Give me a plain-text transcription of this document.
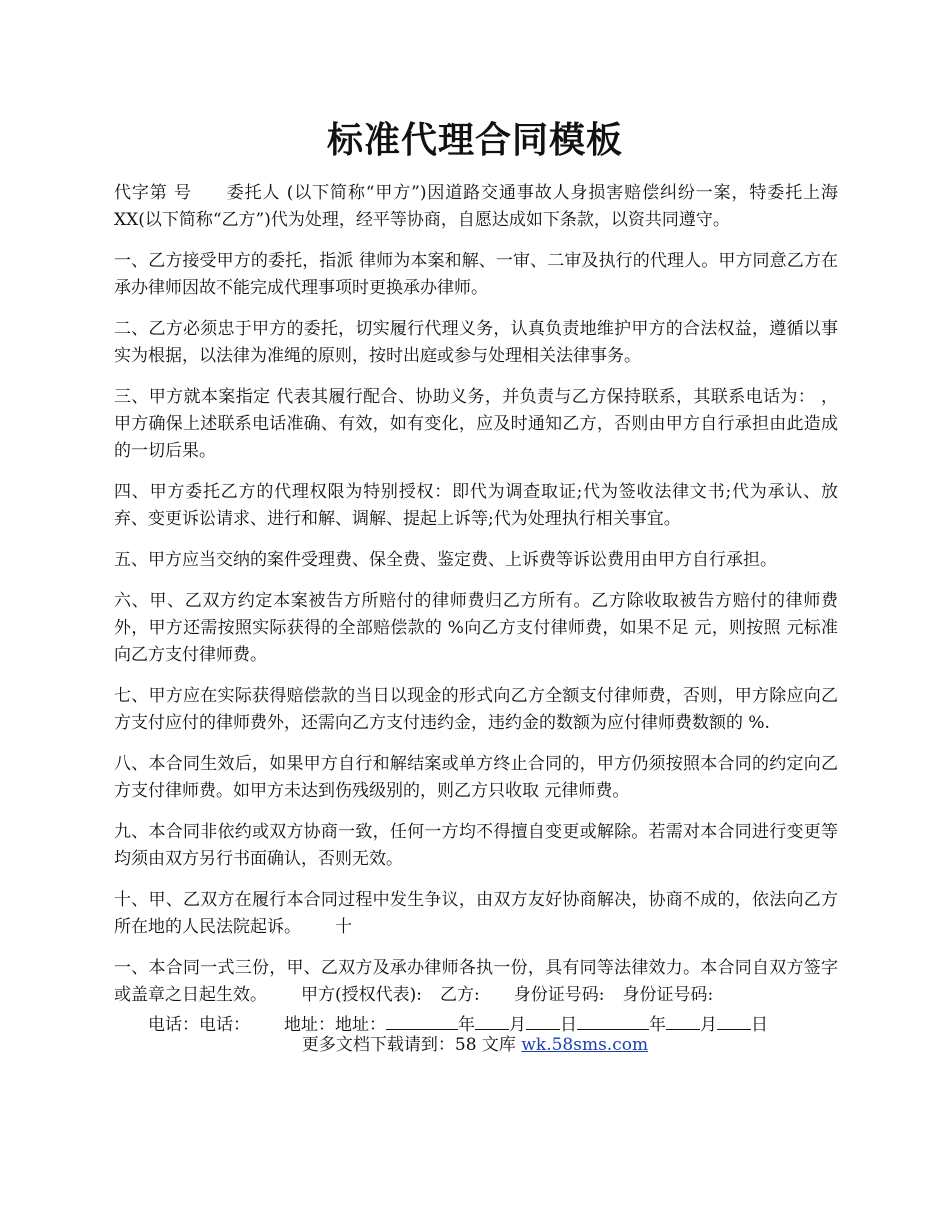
标准代理合同模板

代字第 号 委托人 (以下简称“甲方”)因道路交通事故人身损害赔偿纠纷一案，特委托上海 XX(以下简称“乙方”)代为处理，经平等协商，自愿达成如下条款，以资共同遵守。

一、乙方接受甲方的委托，指派 律师为本案和解、一审、二审及执行的代理人。甲方同意乙方在承办律师因故不能完成代理事项时更换承办律师。

二、乙方必须忠于甲方的委托，切实履行代理义务，认真负责地维护甲方的合法权益，遵循以事实为根据，以法律为准绳的原则，按时出庭或参与处理相关法律事务。

三、甲方就本案指定 代表其履行配合、协助义务，并负责与乙方保持联系，其联系电话为： ，甲方确保上述联系电话准确、有效，如有变化，应及时通知乙方，否则由甲方自行承担由此造成的一切后果。

四、甲方委托乙方的代理权限为特别授权：即代为调查取证;代为签收法律文书;代为承认、放弃、变更诉讼请求、进行和解、调解、提起上诉等;代为处理执行相关事宜。

五、甲方应当交纳的案件受理费、保全费、鉴定费、上诉费等诉讼费用由甲方自行承担。

六、甲、乙双方约定本案被告方所赔付的律师费归乙方所有。乙方除收取被告方赔付的律师费外，甲方还需按照实际获得的全部赔偿款的 %向乙方支付律师费，如果不足 元，则按照 元标准向乙方支付律师费。

七、甲方应在实际获得赔偿款的当日以现金的形式向乙方全额支付律师费，否则，甲方除应向乙方支付应付的律师费外，还需向乙方支付违约金，违约金的数额为应付律师费数额的 %.

八、本合同生效后，如果甲方自行和解结案或单方终止合同的，甲方仍须按照本合同的约定向乙方支付律师费。如甲方未达到伤残级别的，则乙方只收取 元律师费。

九、本合同非依约或双方协商一致，任何一方均不得擅自变更或解除。若需对本合同进行变更等均须由双方另行书面确认，否则无效。

十、甲、乙双方在履行本合同过程中发生争议，由双方友好协商解决，协商不成的，依法向乙方所在地的人民法院起诉。 十

一、本合同一式三份，甲、乙双方及承办律师各执一份，具有同等法律效力。本合同自双方签字或盖章之日起生效。 甲方(授权代表): 乙方: 身份证号码: 身份证号码:
电话：电话： 地址：地址：	年 月 日	年 月 日

更多文档下载请到：58 文库 wk.58sms.com
